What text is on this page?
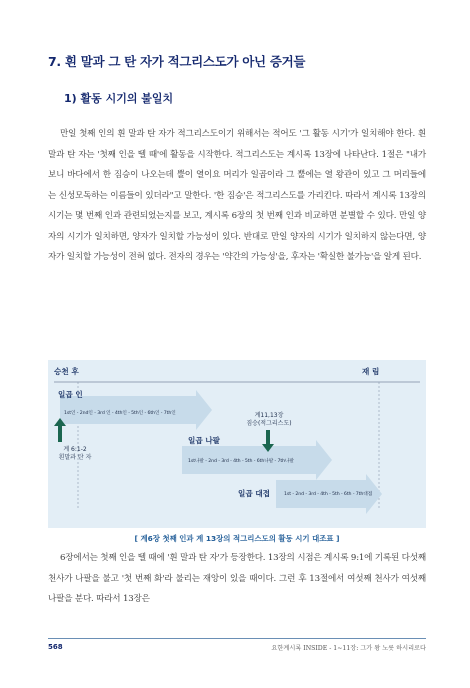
7. 흰 말과 그 탄 자가 적그리스도가 아닌 증거들
1) 활동 시기의 불일치

만일 첫째 인의 흰 말과 탄 자가 적그리스도이기 위해서는 적어도 '그 활동 시기'가 일치해야 한다. 흰 말과 탄 자는 '첫째 인을 뗄 때'에 활동을 시작한다. 적그리스도는 계시록 13장에 나타난다. 1절은 "내가 보니 바다에서 한 짐승이 나오는데 뿔이 열이요 머리가 일곱이라 그 뿔에는 열 왕관이 있고 그 머리들에는 신성모독하는 이름들이 있더라"고 말한다. '한 짐승'은 적그리스도를 가리킨다. 따라서 계시록 13장의 시기는 몇 번째 인과 관련되었는지를 보고, 계시록 6장의 첫 번째 인과 비교하면 분별할 수 있다. 만일 양자의 시기가 일치하면, 양자가 일치할 가능성이 있다. 반대로 만일 양자의 시기가 일치하지 않는다면, 양자가 일치할 가능성이 전혀 없다. 전자의 경우는 '약간의 가능성'을, 후자는 '확실한 불가능'을 알게 된다.

승천 후	재 림
일곱 인
1st인 - 2nd인 - 3rd 인 - 4th인 - 5th인 - 6th인 - 7th인
일곱 나팔
1st나팔 - 2nd - 3rd - 4th - 5th - 6th나팔 - 7th나팔
일곱 대접	1st - 2nd - 3rd - 4th - 5th - 6th - 7th대접
계 6:1-2
흰말과 탄 자
계11,13장
짐승(적그리스도)
[ 계6장 첫째 인과 계 13장의 적그리스도의 활동 시기 대조표 ]

6장에서는 첫째 인을 뗄 때에 '흰 말과 탄 자'가 등장한다. 13장의 시점은 계시록 9:1에 기록된 다섯째 천사가 나팔을 불고 '첫 번째 화'라 불리는 재앙이 있을 때이다. 그런 후 13절에서 여섯째 천사가 여섯째 나팔을 분다. 따라서 13장은

568	요한계시록 INSIDE - 1~11장: 그가 왕 노릇 하시리로다
